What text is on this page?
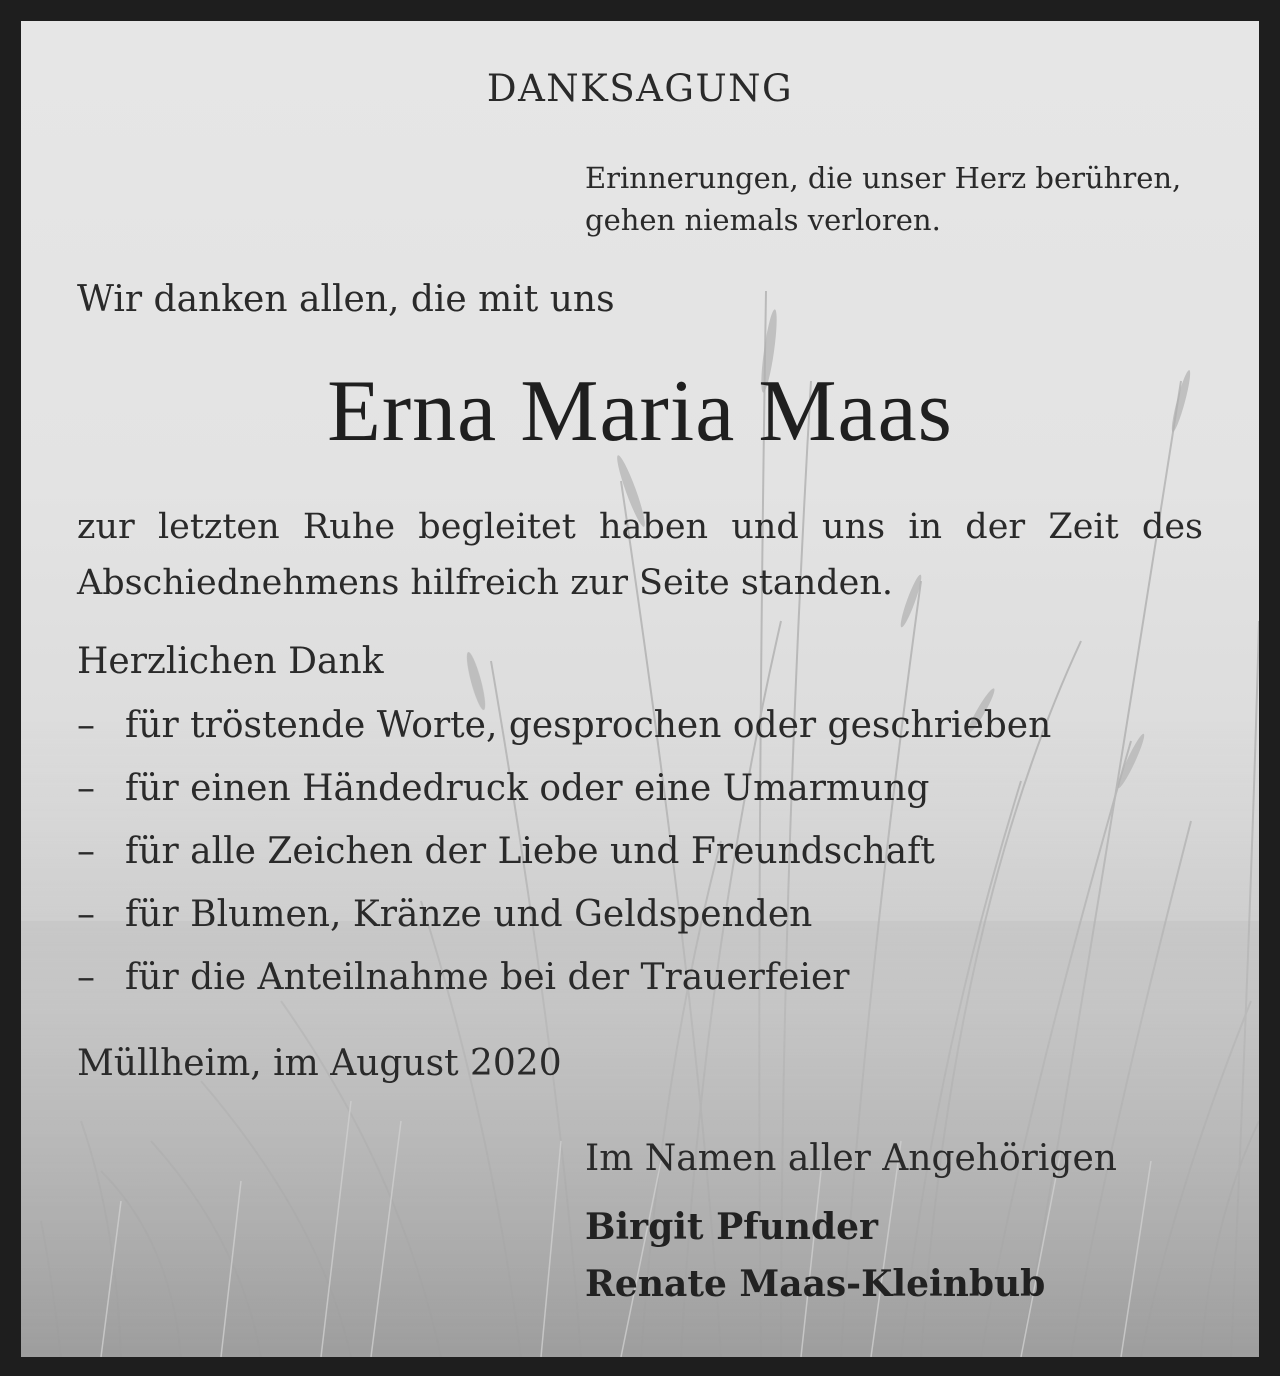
DANKSAGUNG

Erinnerungen, die unser Herz berühren,
gehen niemals verloren.

Wir danken allen, die mit uns

Erna Maria Maas

zur letzten Ruhe begleitet haben und uns in der Zeit des Abschiednehmens hilfreich zur Seite standen.

Herzlichen Dank

– für tröstende Worte, gesprochen oder geschrieben
– für einen Händedruck oder eine Umarmung
– für alle Zeichen der Liebe und Freundschaft
– für Blumen, Kränze und Geldspenden
– für die Anteilnahme bei der Trauerfeier

Müllheim, im August 2020

Im Namen aller Angehörigen

Birgit Pfunder

Renate Maas-Kleinbub
